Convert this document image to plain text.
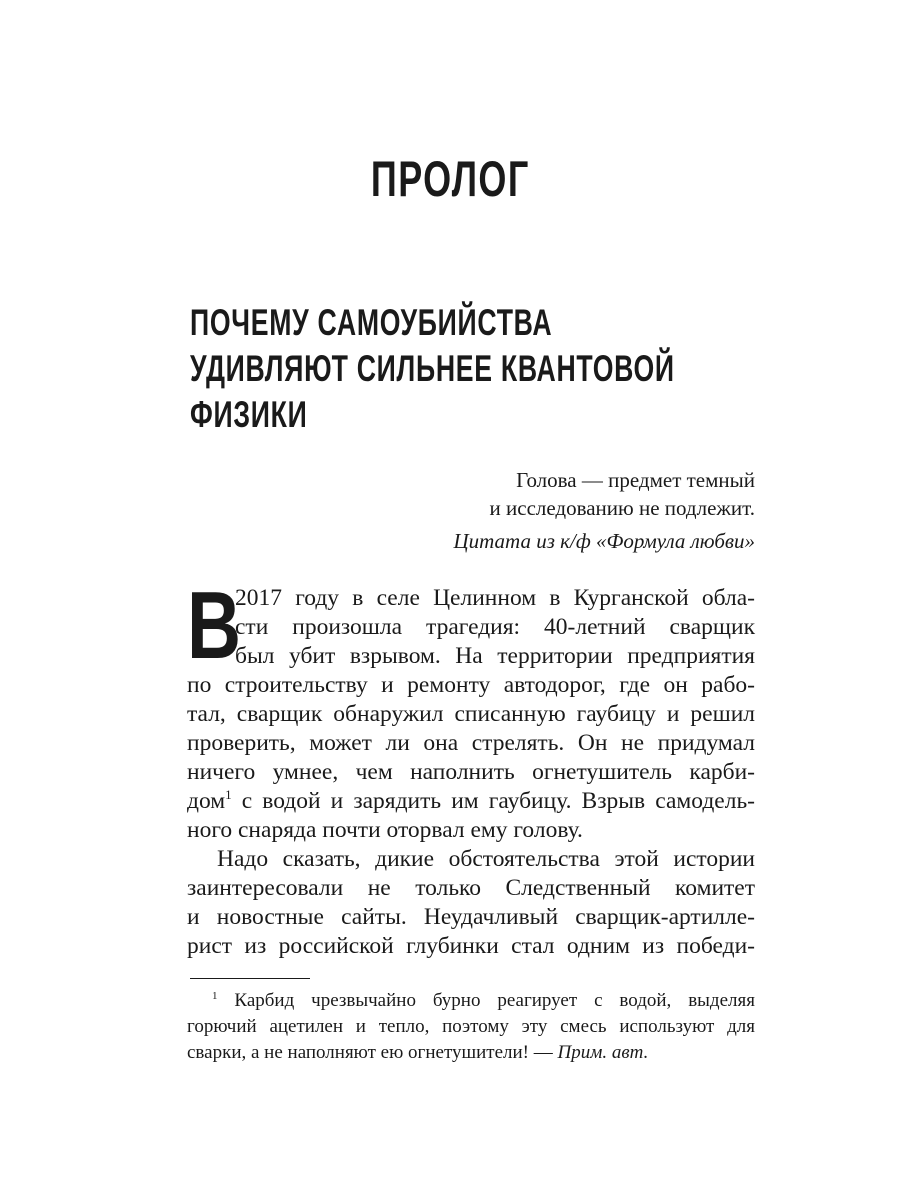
ПРОЛОГ
ПОЧЕМУ САМОУБИЙСТВА
УДИВЛЯЮТ СИЛЬНЕЕ КВАНТОВОЙ
ФИЗИКИ
Голова — предмет темный
и исследованию не подлежит.
Цитата из к/ф «Формула любви»
В
2017 году в селе Целинном в Курганской обла-
сти произошла трагедия: 40-летний сварщик
был убит взрывом. На территории предприятия
по строительству и ремонту автодорог, где он рабо-
тал, сварщик обнаружил списанную гаубицу и решил
проверить, может ли она стрелять. Он не придумал
ничего умнее, чем наполнить огнетушитель карби-
дом$^1$ с водой и зарядить им гаубицу. Взрыв самодель-
ного снаряда почти оторвал ему голову.
Надо сказать, дикие обстоятельства этой истории
заинтересовали не только Следственный комитет
и новостные сайты. Неудачливый сварщик-артилле-
рист из российской глубинки стал одним из победи-
$^1$ Карбид чрезвычайно бурно реагирует с водой, выделяя
горючий ацетилен и тепло, поэтому эту смесь используют для
сварки, а не наполняют ею огнетушители! — Прим. авт.
